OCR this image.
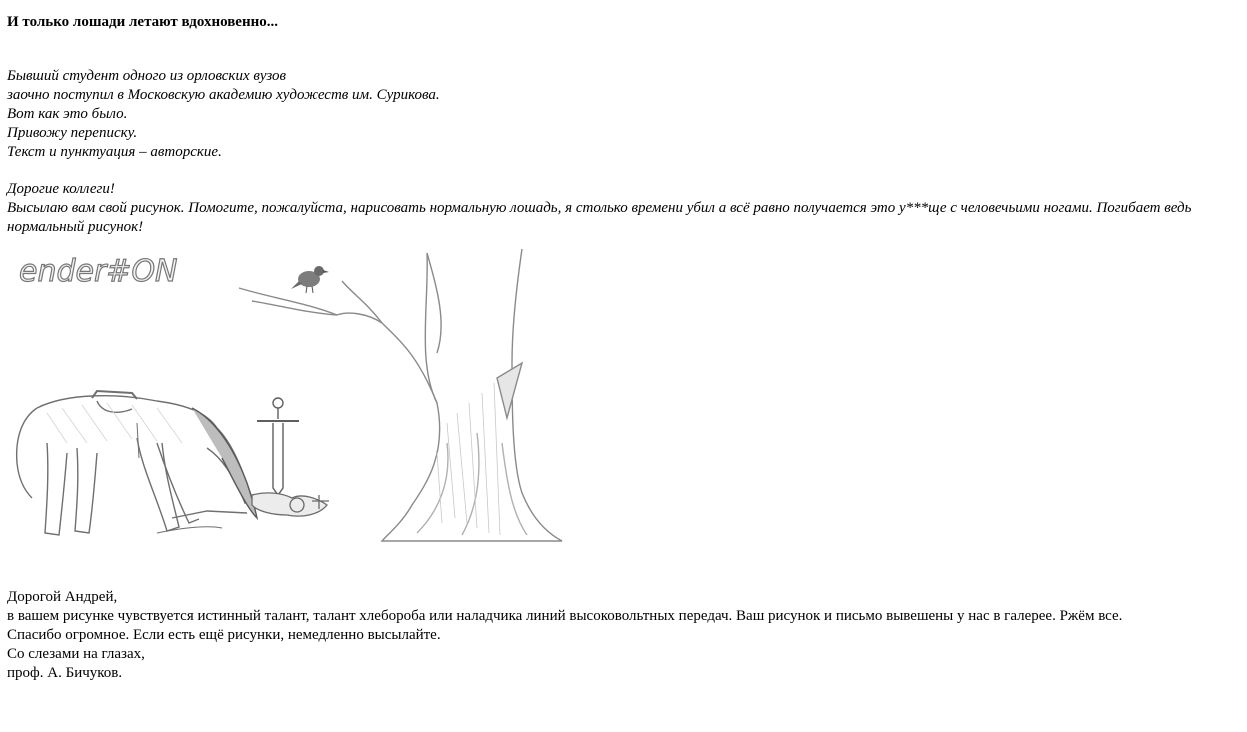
И только лошади летают вдохновенно...
Бывший студент одного из орловских вузов
заочно поступил в Московскую академию художеств им. Сурикова.
Вот как это было.
Привожу переписку.
Текст и пунктуация – авторские.
Дорогие коллеги!
Высылаю вам свой рисунок. Помогите, пожалуйста, нарисовать нормальную лошадь, я столько времени убил а всё равно получается это у***ще с человечьими ногами. Погибает ведь нормальный рисунок!
ender#ON
Дорогой Андрей,
в вашем рисунке чувствуется истинный талант, талант хлебороба или наладчика линий высоковольтных передач. Ваш рисунок и письмо вывешены у нас в галерее. Ржём все.
Спасибо огромное. Если есть ещё рисунки, немедленно высылайте.
Со слезами на глазах,
проф. А. Бичуков.
